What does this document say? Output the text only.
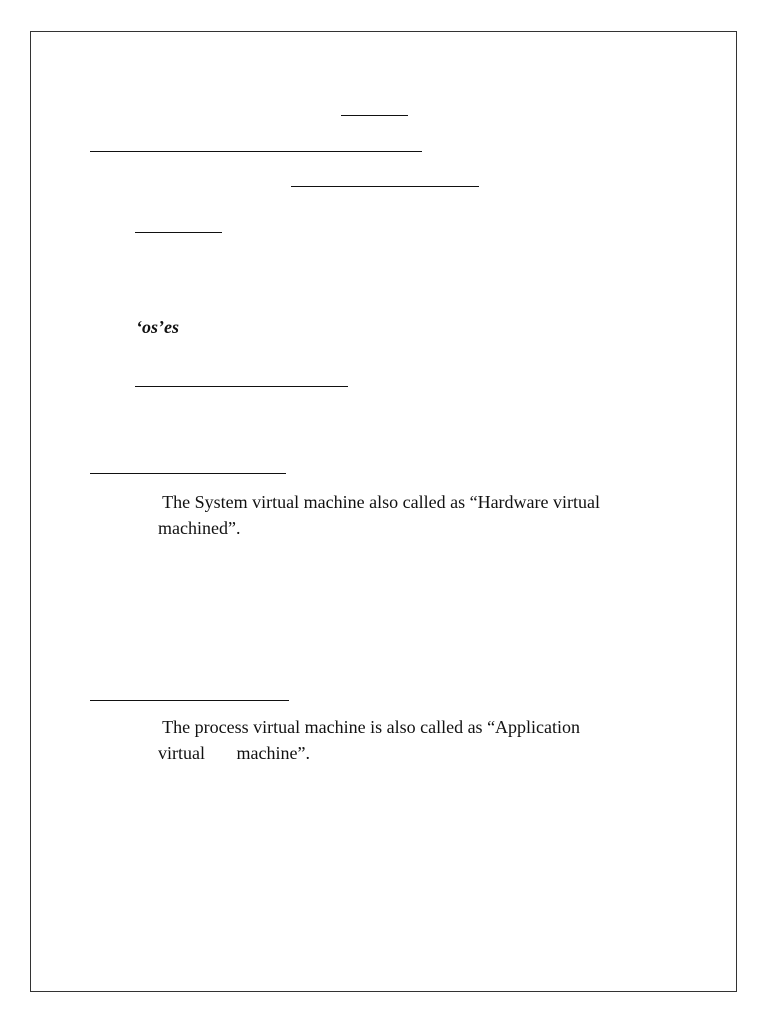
‘os’es

The System virtual machine also called as “Hardware virtual
machined”.

The process virtual machine is also called as “Application
virtual       machine”.
